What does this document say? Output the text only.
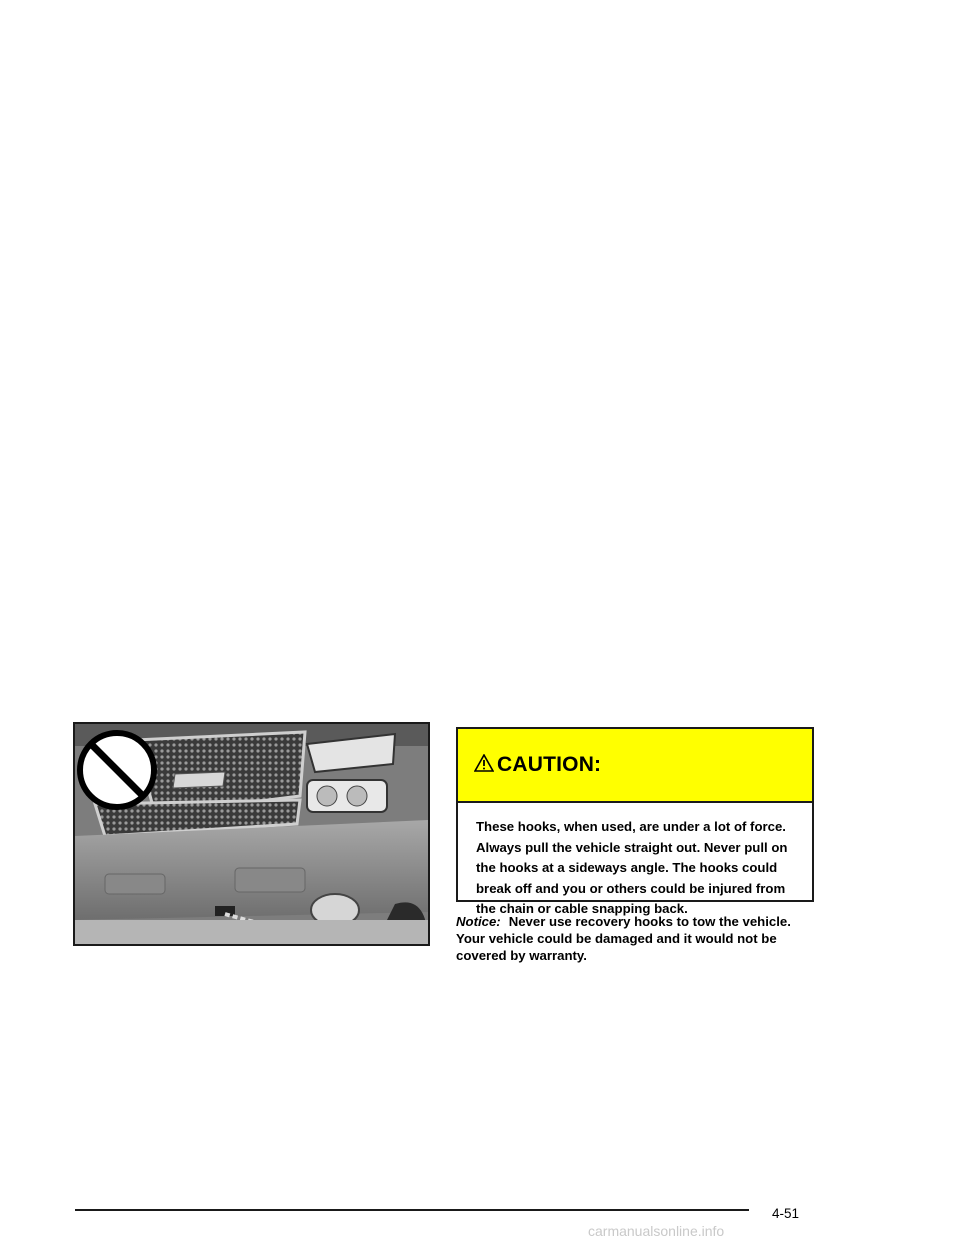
CAUTION:
These hooks, when used, are under a lot of force. Always pull the vehicle straight out. Never pull on the hooks at a sideways angle. The hooks could break off and you or others could be injured from the chain or cable snapping back.
Notice: Never use recovery hooks to tow the vehicle. Your vehicle could be damaged and it would not be covered by warranty.
4-51
carmanualsonline.info
